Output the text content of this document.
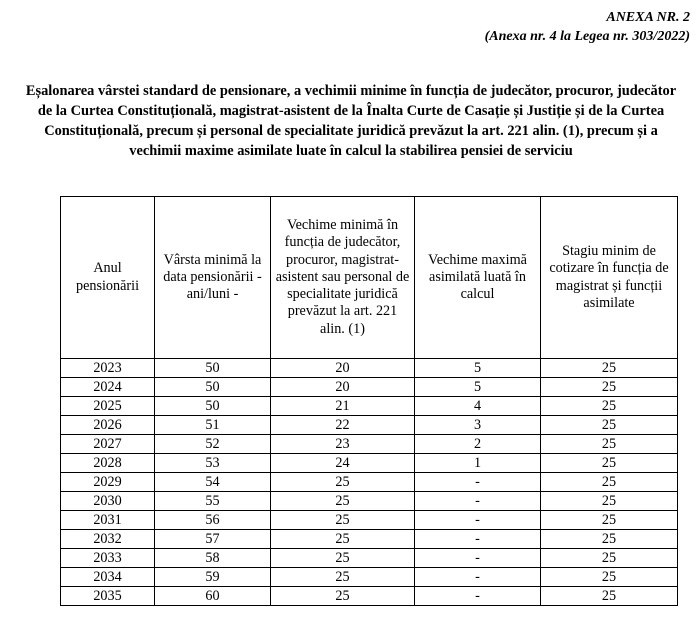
ANEXA NR. 2
(Anexa nr. 4 la Legea nr. 303/2022)
Eșalonarea vârstei standard de pensionare, a vechimii minime în funcția de judecător, procuror, judecător de la Curtea Constituțională, magistrat-asistent de la Înalta Curte de Casație și Justiție și de la Curtea Constituțională, precum și personal de specialitate juridică prevăzut la art. 221 alin. (1), precum și a vechimii maxime asimilate luate în calcul la stabilirea pensiei de serviciu
Anul pensionării	Vârsta minimă la data pensionării - ani/luni -	Vechime minimă în funcția de judecător, procuror, magistrat-asistent sau personal de specialitate juridică prevăzut la art. 221 alin. (1)	Vechime maximă asimilată luată în calcul	Stagiu minim de cotizare în funcția de magistrat și funcții asimilate
2023	50	20	5	25
2024	50	20	5	25
2025	50	21	4	25
2026	51	22	3	25
2027	52	23	2	25
2028	53	24	1	25
2029	54	25	-	25
2030	55	25	-	25
2031	56	25	-	25
2032	57	25	-	25
2033	58	25	-	25
2034	59	25	-	25
2035	60	25	-	25
